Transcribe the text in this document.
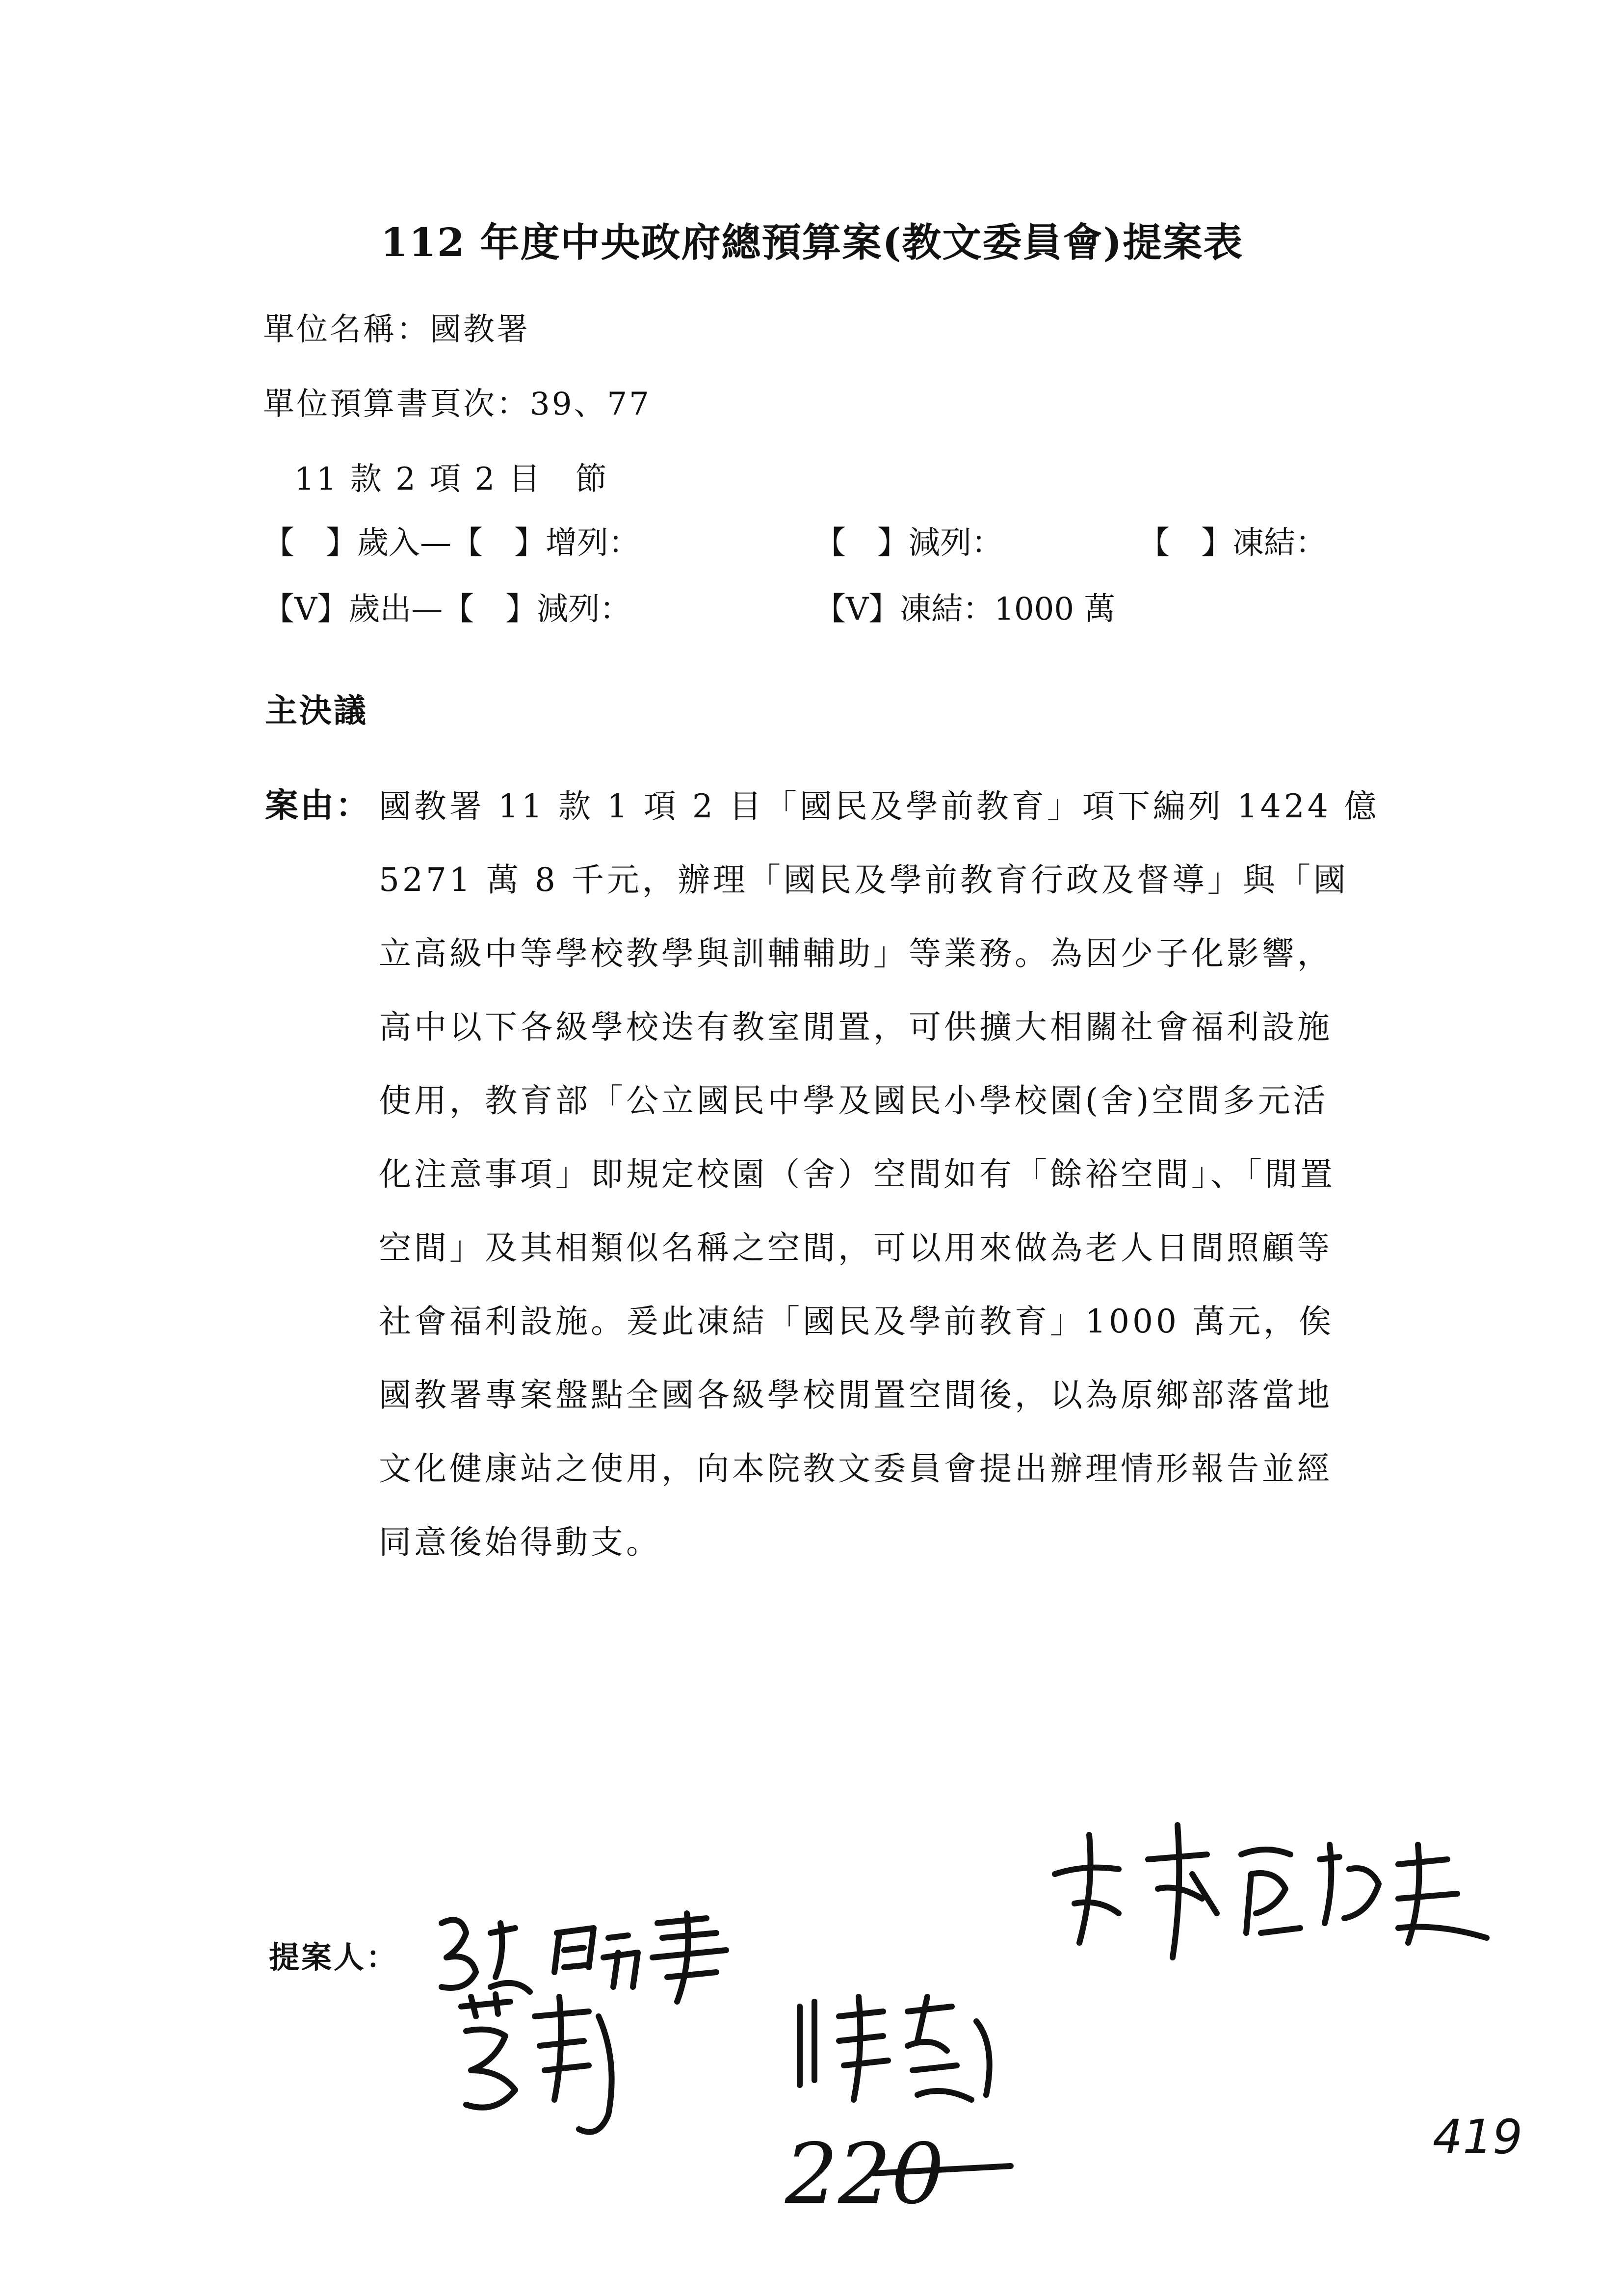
112 年度中央政府總預算案(教文委員會)提案表
單位名稱：國教署
單位預算書頁次：39、77
11 款 2 項 2 目　節
【　】歲入—【　】增列：	【　】減列：	【　】凍結：
【V】歲出—【　】減列：	【V】凍結：1000 萬
主決議
案由： 國教署 11 款 1 項 2 目「國民及學前教育」項下編列 1424 億
5271 萬 8 千元，辦理「國民及學前教育行政及督導」與「國
立高級中等學校教學與訓輔輔助」等業務。為因少子化影響，
高中以下各級學校迭有教室閒置，可供擴大相關社會福利設施
使用，教育部「公立國民中學及國民小學校園(舍)空間多元活
化注意事項」即規定校園（舍）空間如有「餘裕空間」、「閒置
空間」及其相類似名稱之空間，可以用來做為老人日間照顧等
社會福利設施。爰此凍結「國民及學前教育」1000 萬元，俟
國教署專案盤點全國各級學校閒置空間後，以為原鄉部落當地
文化健康站之使用，向本院教文委員會提出辦理情形報告並經
同意後始得動支。
提案人：
220	419
